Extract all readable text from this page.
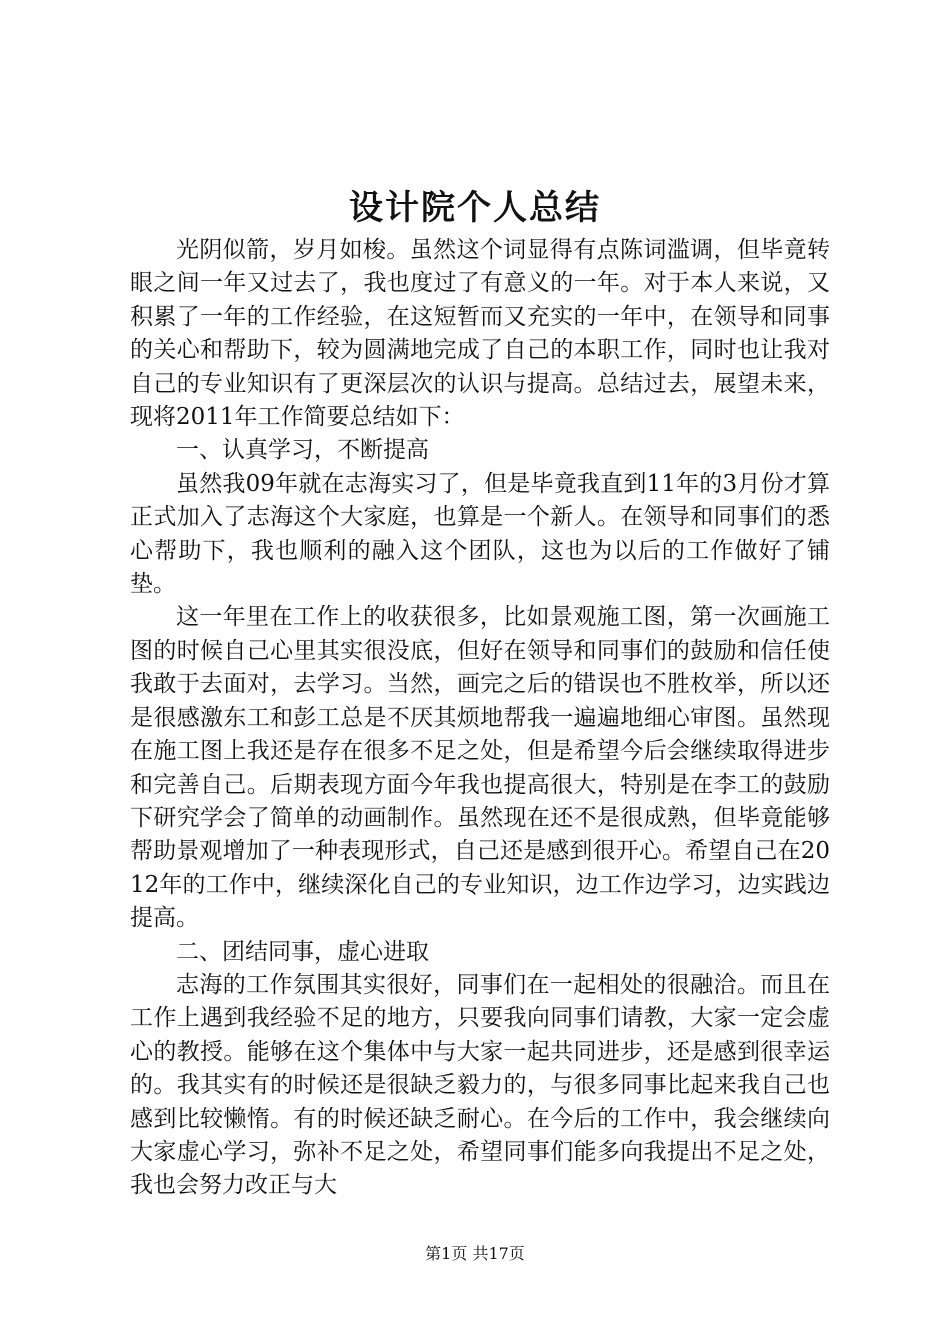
设计院个人总结

光阴似箭，岁月如梭。虽然这个词显得有点陈词滥调，但毕竟转眼之间一年又过去了，我也度过了有意义的一年。对于本人来说，又积累了一年的工作经验，在这短暂而又充实的一年中，在领导和同事的关心和帮助下，较为圆满地完成了自己的本职工作，同时也让我对自己的专业知识有了更深层次的认识与提高。总结过去，展望未来，现将2011年工作简要总结如下：

一、认真学习，不断提高

虽然我09年就在志海实习了，但是毕竟我直到11年的3月份才算正式加入了志海这个大家庭，也算是一个新人。在领导和同事们的悉心帮助下，我也顺利的融入这个团队，这也为以后的工作做好了铺垫。

这一年里在工作上的收获很多，比如景观施工图，第一次画施工图的时候自己心里其实很没底，但好在领导和同事们的鼓励和信任使我敢于去面对，去学习。当然，画完之后的错误也不胜枚举，所以还是很感激东工和彭工总是不厌其烦地帮我一遍遍地细心审图。虽然现在施工图上我还是存在很多不足之处，但是希望今后会继续取得进步和完善自己。后期表现方面今年我也提高很大，特别是在李工的鼓励下研究学会了简单的动画制作。虽然现在还不是很成熟，但毕竟能够帮助景观增加了一种表现形式，自己还是感到很开心。希望自己在2012年的工作中，继续深化自己的专业知识，边工作边学习，边实践边提高。

二、团结同事，虚心进取

志海的工作氛围其实很好，同事们在一起相处的很融洽。而且在工作上遇到我经验不足的地方，只要我向同事们请教，大家一定会虚心的教授。能够在这个集体中与大家一起共同进步，还是感到很幸运的。我其实有的时候还是很缺乏毅力的，与很多同事比起来我自己也感到比较懒惰。有的时候还缺乏耐心。在今后的工作中，我会继续向大家虚心学习，弥补不足之处，希望同事们能多向我提出不足之处，我也会努力改正与大

第1页 共17页
